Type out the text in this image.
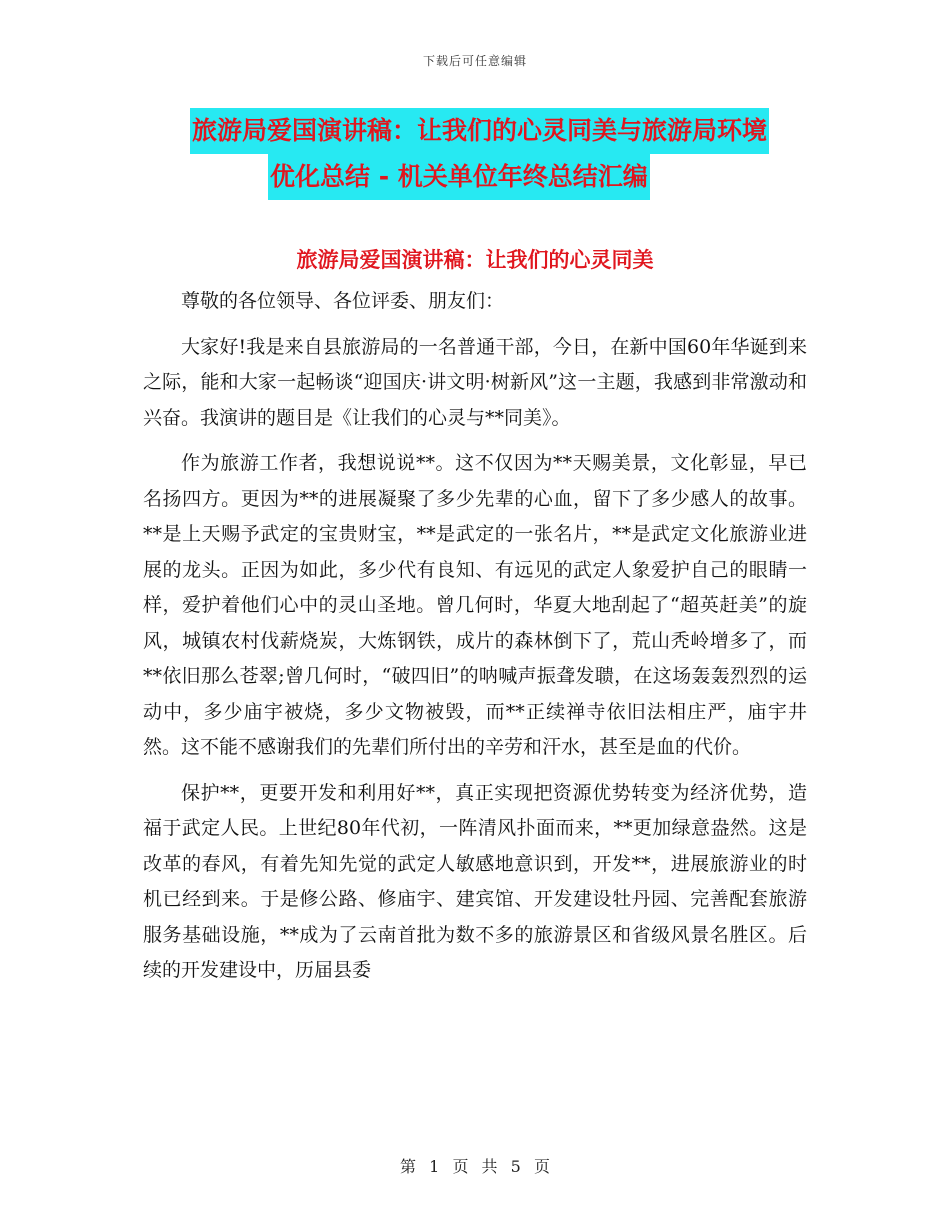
下载后可任意编辑
旅游局爱国演讲稿：让我们的心灵同美与旅游局环境
优化总结 - 机关单位年终总结汇编
旅游局爱国演讲稿：让我们的心灵同美

尊敬的各位领导、各位评委、朋友们：

大家好!我是来自县旅游局的一名普通干部，今日，在新中国60年华诞到来之际，能和大家一起畅谈“迎国庆·讲文明·树新风”这一主题，我感到非常激动和兴奋。我演讲的题目是《让我们的心灵与**同美》。

作为旅游工作者，我想说说**。这不仅因为**天赐美景，文化彰显，早已名扬四方。更因为**的进展凝聚了多少先辈的心血，留下了多少感人的故事。**是上天赐予武定的宝贵财宝，**是武定的一张名片，**是武定文化旅游业进展的龙头。正因为如此，多少代有良知、有远见的武定人象爱护自己的眼睛一样，爱护着他们心中的灵山圣地。曾几何时，华夏大地刮起了“超英赶美”的旋风，城镇农村伐薪烧炭，大炼钢铁，成片的森林倒下了，荒山秃岭增多了，而**依旧那么苍翠;曾几何时，“破四旧”的呐喊声振聋发聩，在这场轰轰烈烈的运动中，多少庙宇被烧，多少文物被毁，而**正续禅寺依旧法相庄严，庙宇井然。这不能不感谢我们的先辈们所付出的辛劳和汗水，甚至是血的代价。

保护**，更要开发和利用好**，真正实现把资源优势转变为经济优势，造福于武定人民。上世纪80年代初，一阵清风扑面而来，**更加绿意盎然。这是改革的春风，有着先知先觉的武定人敏感地意识到，开发**，进展旅游业的时机已经到来。于是修公路、修庙宇、建宾馆、开发建设牡丹园、完善配套旅游服务基础设施，**成为了云南首批为数不多的旅游景区和省级风景名胜区。后续的开发建设中，历届县委

第 1 页 共 5 页
